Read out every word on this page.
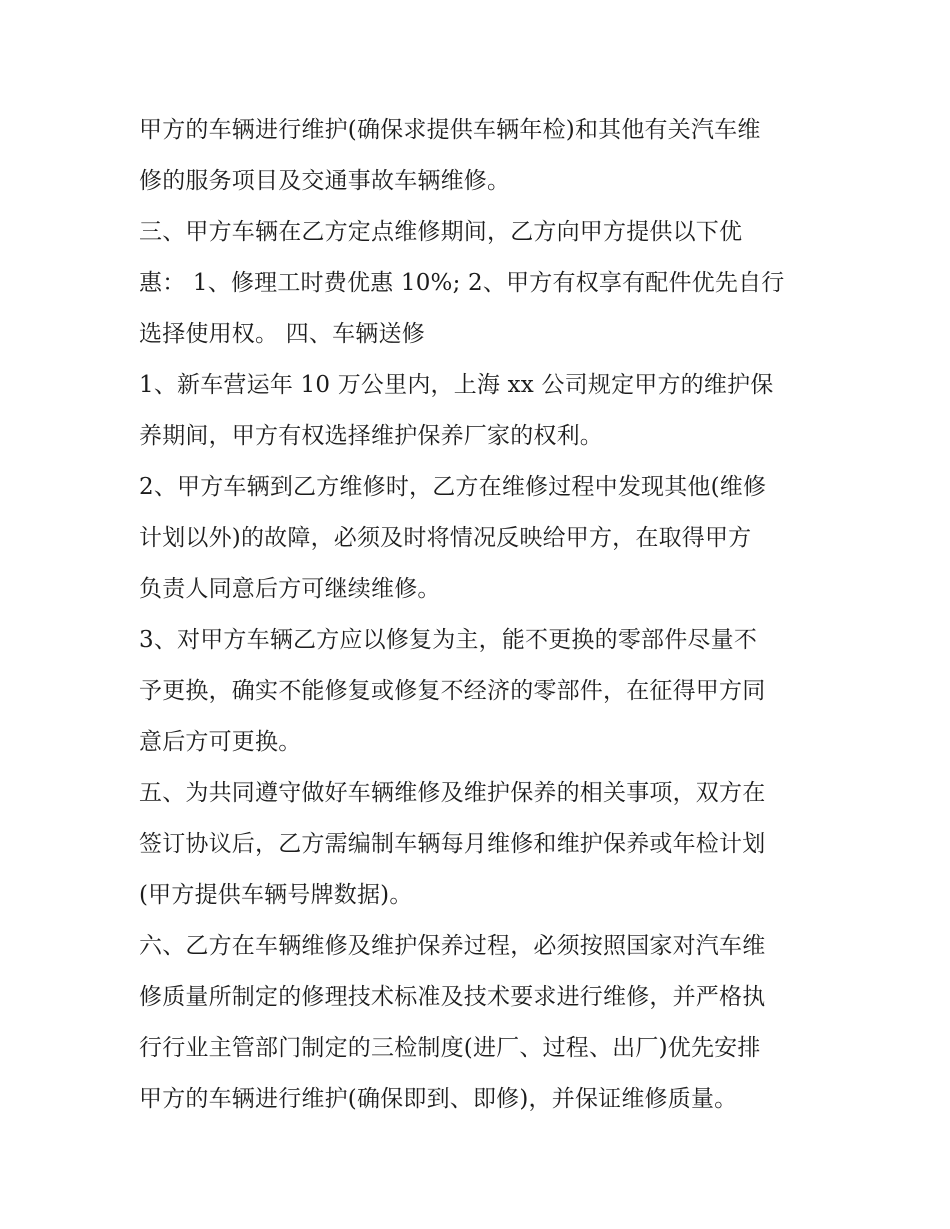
甲方的车辆进行维护(确保求提供车辆年检)和其他有关汽车维
修的服务项目及交通事故车辆维修。
三、甲方车辆在乙方定点维修期间，乙方向甲方提供以下优
惠： 1、修理工时费优惠 10%; 2、甲方有权享有配件优先自行
选择使用权。 四、车辆送修
1、新车营运年 10 万公里内，上海 xx 公司规定甲方的维护保
养期间，甲方有权选择维护保养厂家的权利。
2、甲方车辆到乙方维修时，乙方在维修过程中发现其他(维修
计划以外)的故障，必须及时将情况反映给甲方，在取得甲方
负责人同意后方可继续维修。
3、对甲方车辆乙方应以修复为主，能不更换的零部件尽量不
予更换，确实不能修复或修复不经济的零部件，在征得甲方同
意后方可更换。
五、为共同遵守做好车辆维修及维护保养的相关事项，双方在
签订协议后，乙方需编制车辆每月维修和维护保养或年检计划
(甲方提供车辆号牌数据)。
六、乙方在车辆维修及维护保养过程，必须按照国家对汽车维
修质量所制定的修理技术标准及技术要求进行维修，并严格执
行行业主管部门制定的三检制度(进厂、过程、出厂)优先安排
甲方的车辆进行维护(确保即到、即修)，并保证维修质量。
